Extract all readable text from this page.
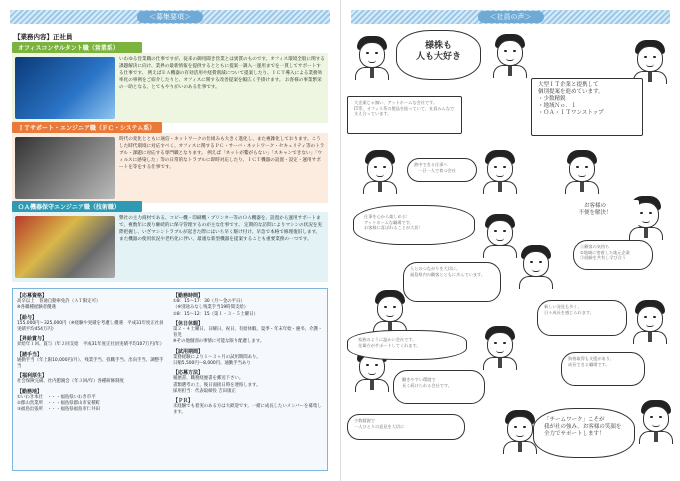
＜募集要項＞
【業務内容】正社員
オフィスコンサルタント職（営業系）
いわゆる営業職の仕事ですが、従来の御用聞き営業とは異質のものです。オフィス環境全般に関する課題解決に向け、業界の最新情報を提供するとともに提案一調入一運用までを一貫してサポートする仕事です。 例えばＥＡ機器の有効活用や経費削減について提案したり、ＩＣＴ導入による業務効率化の事例をご紹介したりと、オフィスに関する改善提案を幅広く手掛けます。 お客様の事業繁栄の一助となる、とてもやりがいのある仕事です。
ＩＴサポート・エンジニア職（ＦＣ・システム系）
時代の変化とともに通信・ネットワークの仕組みも大きく進化し、また複雑化しております。こうした時代環境に対応すべく、オフィスに関するＰＣ・サーバ・ネットワーク・セキュリティ等のトラブル・課題に対応する専門職となります。 例えば「ネットが繋がらない」「スキャンできない」「ウィルスに感染した」等の日常的なトラブルに即時対応したり、ＩＣＴ機器の設置・設定・運用サポートを等をする仕事です。
ＯＡ機器保守エンジニア職（技術職）
弊社の主力商材である、コピー機・印刷機・プリンター等のＯＡ機器を、設置から運用サポートまで、複数年に渡り継続的に保守管理するのが主な仕事です。 定期的な訪問によりマシンの状況を実際把握し、いざマシントラブルが起きた際にはいち早く駆け付け、早急で本格で修理復旧します。 また機器の使用状況や老朽化に伴い、最適な新型機器を提案することも重要業務の一つです。
【応募資格】

高卒以上　普通自動車免許（ＡＴ限定可）
※各職種経験者優遇

【給与】

155,000円～325,000円（※経験や実績を考慮し優遇　平成31年度正社員実績平均454万円）

【昇給賞与】

昇給年１回、賞与（年２回支給　平成31年度正社員実績平均107万円/年）

【諸手当】

通勤手当（年上限10,000円/月）、残業手当、役職手当、出向手当、調整手当

【福利厚生】

社会保険完備、社内懇親会（年３回/年）各種研修制度

【勤務地】

①いわき本社　・・・福島県いわき市平
②郡山営業所　・・・福島県郡山市安積町
③福島出張所　・・・福島県福島市仁井田

【勤務時間】

①8：15～17：30（月～金の平日）
（※別途みなし残業手当19時間支給）
②8：15～12：15（第１・３・５土曜日）

【休日休暇】

第２・４土曜日、日曜日、祝日、有給休暇、夏季・年末年始・慶弔、介護・育児
※その他個別の事情に可能な限り配慮します。

【試用期間】

業務経験により１～３ヶ月の試用期間あり。
日額5,500円～8,000円、通勤手当あり

【応募方法】

履歴書、職務経歴書を郵送下さい。
書類選考の上、後日面接日時を連絡します。
採用担当：代表取締役 吉田康正

【ＰＲ】

未経験でも着実のある方は大歓迎です。一緒に成長したいメンバーを募集します。

＜社員の声＞
様株も
人も大好き
大企業じゃ無い、アットホームな会社です。
IT系、オフィス系の製品を扱っていて、社員みんなで支え合っています。
大型ＩＴ企業と提携して
個別提案を進めています。
・少数精鋭
・地域Ｎｏ．１
・ＯＡ・ＩＴワンストップ
熱中できる仕事へ
　一日一人で育つ会社
仕事を心から楽しめる！
アットホームな職場です。
お客様に喜ばれることが大切！
お客様の
不便を解決！
①顧客の気持ち
②地域に密着した地元企業
③経験を共有し学び合う
人とのつながりを大切に。
福島県内の顧客とともに歩んでいます。
新しい発見も多く、
日々成長を感じられます。
家族のように温かい会社です。
先輩方がサポートしてくれます。
働きやすい環境で
長く続けられる会社です。
資格取得も支援があり、
成長できる職場です。
少数精鋭で
一人ひとりの意見を大切に
「チームワーク」こそが
我が社の強み。お客様の笑顔を
全力でサポートします！
